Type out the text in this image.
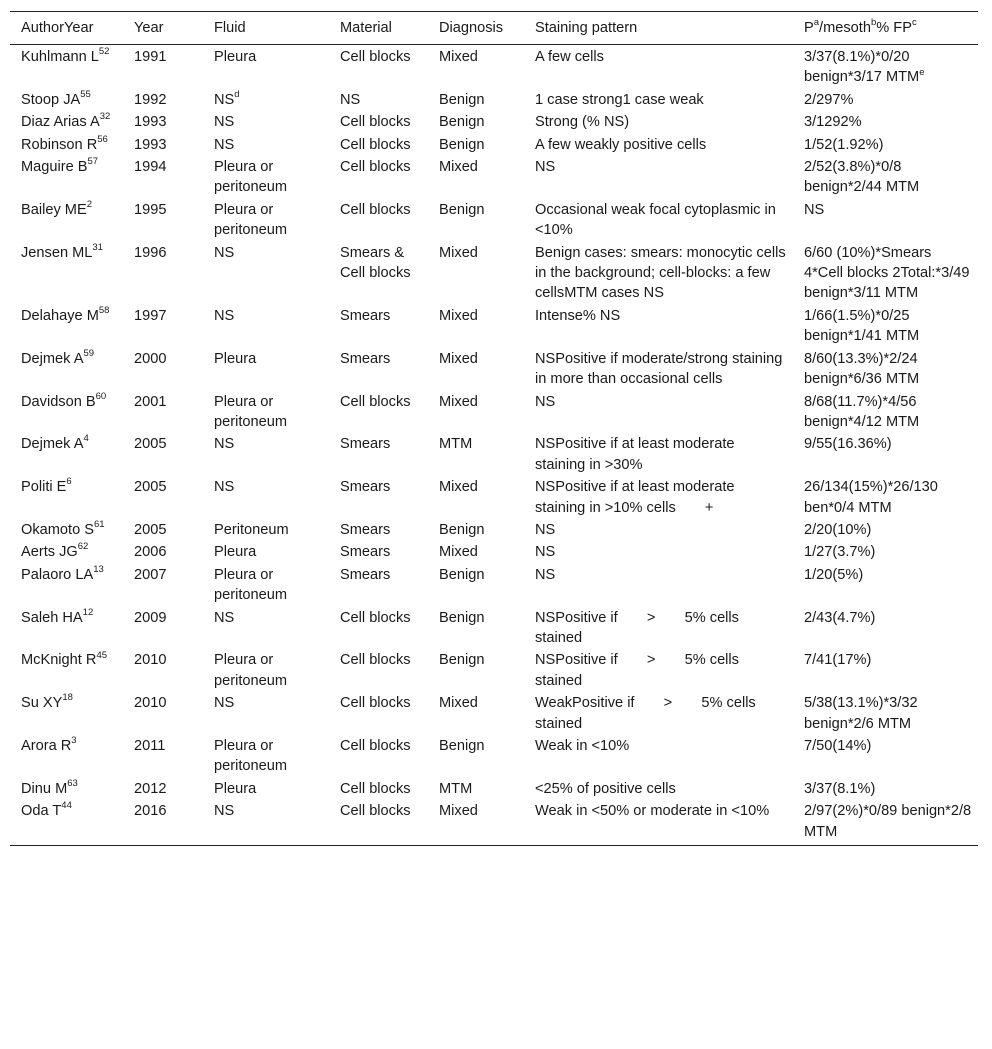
AuthorYear	Year	Fluid	Material	Diagnosis	Staining pattern	$P^a/mesoth^b\%$ $FP^c$
Kuhlmann $L^{52}$	1991	Pleura	Cell blocks	Mixed	A few cells	3/37(8.1%)*0/20 benign*3/17 MTM$^e$
Stoop JA$^{55}$	1992	$NS^d$	NS	Benign	1 case strong1 case weak	2/297%
Diaz Arias $A^{32}$	1993	NS	Cell blocks	Benign	Strong (% NS)	3/1292%
Robinson $R^{56}$	1993	NS	Cell blocks	Benign	A few weakly positive cells	1/52(1.92%)
Maguire $B^{57}$	1994	Pleura or peritoneum	Cell blocks	Mixed	NS	2/52(3.8%)*0/8 benign*2/44 MTM
Bailey $ME^2$	1995	Pleura or peritoneum	Cell blocks	Benign	Occasional weak focal cytoplasmic in <10%	NS
Jensen ML$^{31}$	1996	NS	Smears & Cell blocks	Mixed	Benign cases: smears: monocytic cells in the background; cell-blocks: a few cellsMTM cases NS	6/60 (10%)*Smears 4*Cell blocks 2Total:*3/49 benign*3/11 MTM
Delahaye $M^{58}$	1997	NS	Smears	Mixed	Intense% NS	1/66(1.5%)*0/25 benign*1/41 MTM
Dejmek $A^{59}$	2000	Pleura	Smears	Mixed	NSPositive if moderate/strong staining in more than occasional cells	8/60(13.3%)*2/24 benign*6/36 MTM
Davidson $B^{60}$	2001	Pleura or peritoneum	Cell blocks	Mixed	NS	8/68(11.7%)*4/56 benign*4/12 MTM
Dejmek $A^4$	2005	NS	Smears	MTM	NSPositive if at least moderate staining in >30%	9/55(16.36%)
Politi $E^6$	2005	NS	Smears	Mixed	NSPositive if at least moderate staining in >10% cells  +	26/134(15%)*26/130 ben*0/4 MTM
Okamoto $S^{61}$	2005	Peritoneum	Smears	Benign	NS	2/20(10%)
Aerts JG$^{62}$	2006	Pleura	Smears	Mixed	NS	1/27(3.7%)
Palaoro LA$^{13}$	2007	Pleura or peritoneum	Smears	Benign	NS	1/20(5%)
Saleh HA$^{12}$	2009	NS	Cell blocks	Benign	NSPositive if  >  5% cells stained	2/43(4.7%)
McKnight $R^{45}$	2010	Pleura or peritoneum	Cell blocks	Benign	NSPositive if  >  5% cells stained	7/41(17%)
Su XY$^{18}$	2010	NS	Cell blocks	Mixed	WeakPositive if  >  5% cells stained	5/38(13.1%)*3/32 benign*2/6 MTM
Arora $R^3$	2011	Pleura or peritoneum	Cell blocks	Benign	Weak in <10%	7/50(14%)
Dinu $M^{63}$	2012	Pleura	Cell blocks	MTM	<25% of positive cells	3/37(8.1%)
Oda $T^{44}$	2016	NS	Cell blocks	Mixed	Weak in <50% or moderate in <10%	2/97(2%)*0/89 benign*2/8 MTM
